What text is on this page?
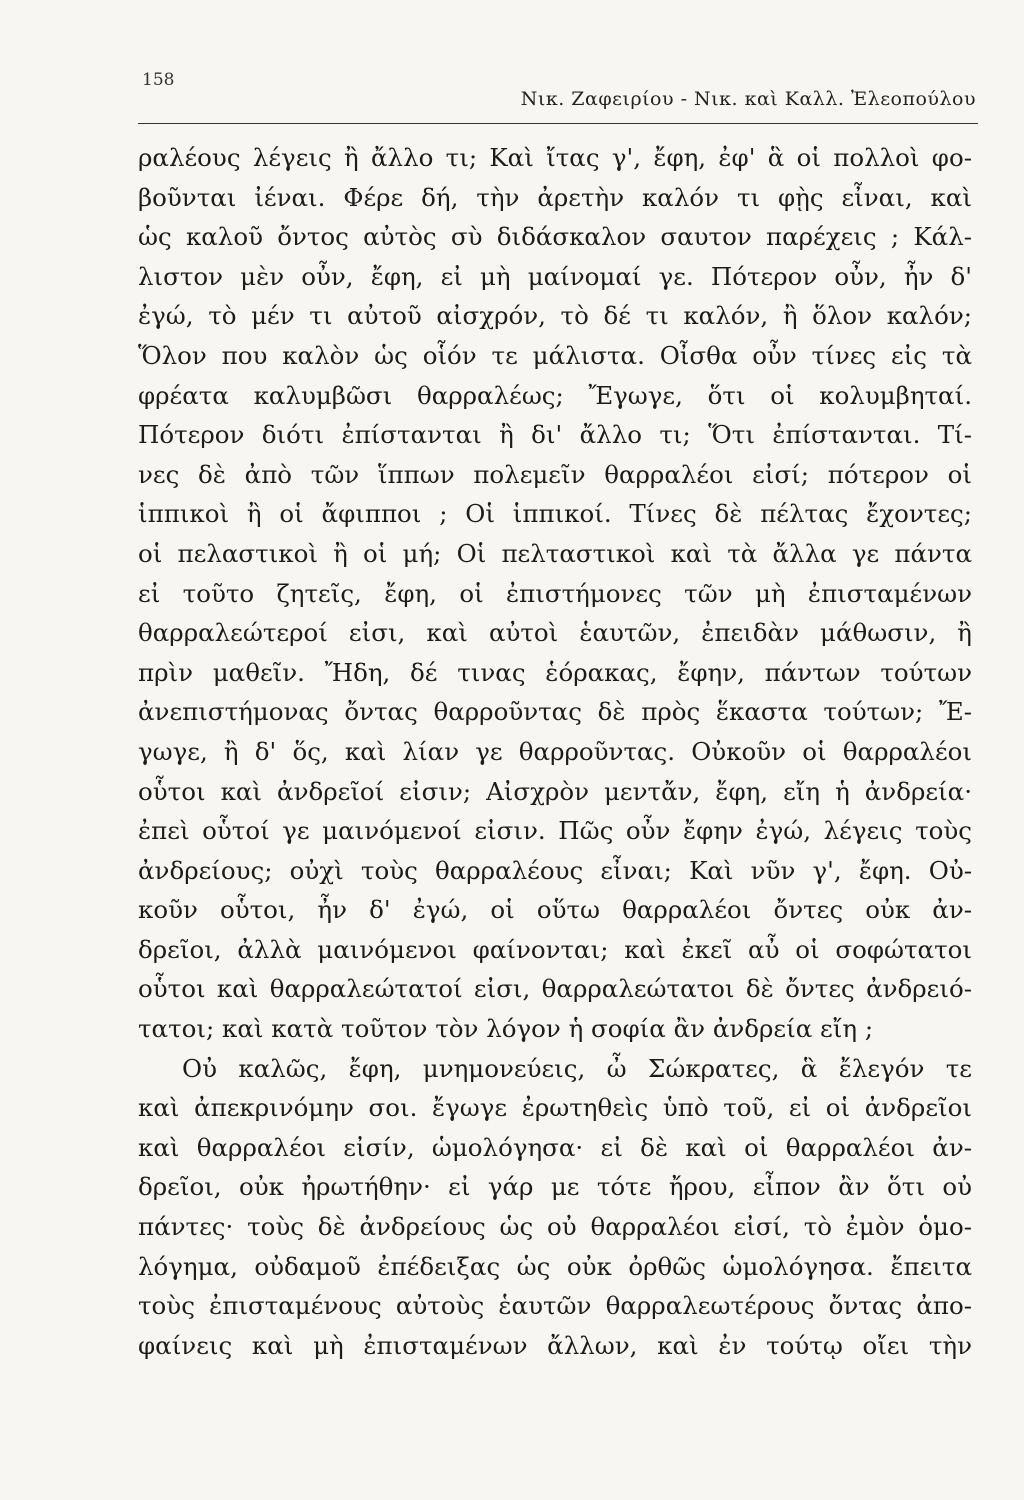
158
Νικ. Ζαφειρίου - Νικ. καὶ Καλλ. Ἐλεοπούλου
ραλέους λέγεις ἢ ἄλλο τι; Καὶ ἴτας γ', ἔφη, ἐφ' ἃ οἱ πολλοὶ φο-
βοῦνται ἰέναι. Φέρε δή, τὴν ἀρετὴν καλόν τι φῂς εἶναι, καὶ
ὡς καλοῦ ὄντος αὐτὸς σὺ διδάσκαλον σαυτον παρέχεις ; Κάλ-
λιστον μὲν οὖν, ἔφη, εἰ μὴ μαίνομαί γε. Πότερον οὖν, ἦν δ'
ἐγώ, τὸ μέν τι αὐτοῦ αἰσχρόν, τὸ δέ τι καλόν, ἢ ὅλον καλόν;
Ὅλον που καλὸν ὡς οἷόν τε μάλιστα. Οἶσθα οὖν τίνες εἰς τὰ
φρέατα καλυμβῶσι θαρραλέως; Ἔγωγε, ὅτι οἱ κολυμβηταί.
Πότερον διότι ἐπίστανται ἢ δι' ἄλλο τι; Ὅτι ἐπίστανται. Τί-
νες δὲ ἀπὸ τῶν ἵππων πολεμεῖν θαρραλέοι εἰσί; πότερον οἱ
ἱππικοὶ ἢ οἱ ἄφιπποι ; Οἱ ἱππικοί. Τίνες δὲ πέλτας ἔχοντες;
οἱ πελαστικοὶ ἢ οἱ μή; Οἱ πελταστικοὶ καὶ τὰ ἄλλα γε πάντα
εἰ τοῦτο ζητεῖς, ἔφη, οἱ ἐπιστήμονες τῶν μὴ ἐπισταμένων
θαρραλεώτεροί εἰσι, καὶ αὐτοὶ ἑαυτῶν, ἐπειδὰν μάθωσιν, ἢ
πρὶν μαθεῖν. Ἤδη, δέ τινας ἑόρακας, ἔφην, πάντων τούτων
ἀνεπιστήμονας ὄντας θαρροῦντας δὲ πρὸς ἕκαστα τούτων; Ἔ-
γωγε, ἢ δ' ὅς, καὶ λίαν γε θαρροῦντας. Οὐκοῦν οἱ θαρραλέοι
οὗτοι καὶ ἀνδρεῖοί εἰσιν; Αἰσχρὸν μεντἄν, ἔφη, εἴη ἡ ἀνδρεία·
ἐπεὶ οὗτοί γε μαινόμενοί εἰσιν. Πῶς οὖν ἔφην ἐγώ, λέγεις τοὺς
ἀνδρείους; οὐχὶ τοὺς θαρραλέους εἶναι; Καὶ νῦν γ', ἔφη. Οὐ-
κοῦν οὗτοι, ἦν δ' ἐγώ, οἱ οὕτω θαρραλέοι ὄντες οὐκ ἀν-
δρεῖοι, ἀλλὰ μαινόμενοι φαίνονται; καὶ ἐκεῖ αὖ οἱ σοφώτατοι
οὗτοι καὶ θαρραλεώτατοί εἰσι, θαρραλεώτατοι δὲ ὄντες ἀνδρειό-
τατοι; καὶ κατὰ τοῦτον τὸν λόγον ἡ σοφία ἂν ἀνδρεία εἴη ;
Οὐ καλῶς, ἔφη, μνημονεύεις, ὦ Σώκρατες, ἃ ἔλεγόν τε
καὶ ἀπεκρινόμην σοι. ἔγωγε ἐρωτηθεὶς ὑπὸ τοῦ, εἰ οἱ ἀνδρεῖοι
καὶ θαρραλέοι εἰσίν, ὡμολόγησα· εἰ δὲ καὶ οἱ θαρραλέοι ἀν-
δρεῖοι, οὐκ ἠρωτήθην· εἰ γάρ με τότε ἤρου, εἶπον ἂν ὅτι οὐ
πάντες· τοὺς δὲ ἀνδρείους ὡς οὐ θαρραλέοι εἰσί, τὸ ἐμὸν ὁμο-
λόγημα, οὐδαμοῦ ἐπέδειξας ὡς οὐκ ὀρθῶς ὡμολόγησα. ἔπειτα
τοὺς ἐπισταμένους αὐτοὺς ἑαυτῶν θαρραλεωτέρους ὄντας ἀπο-
φαίνεις καὶ μὴ ἐπισταμένων ἄλλων, καὶ ἐν τούτῳ οἴει τὴν
